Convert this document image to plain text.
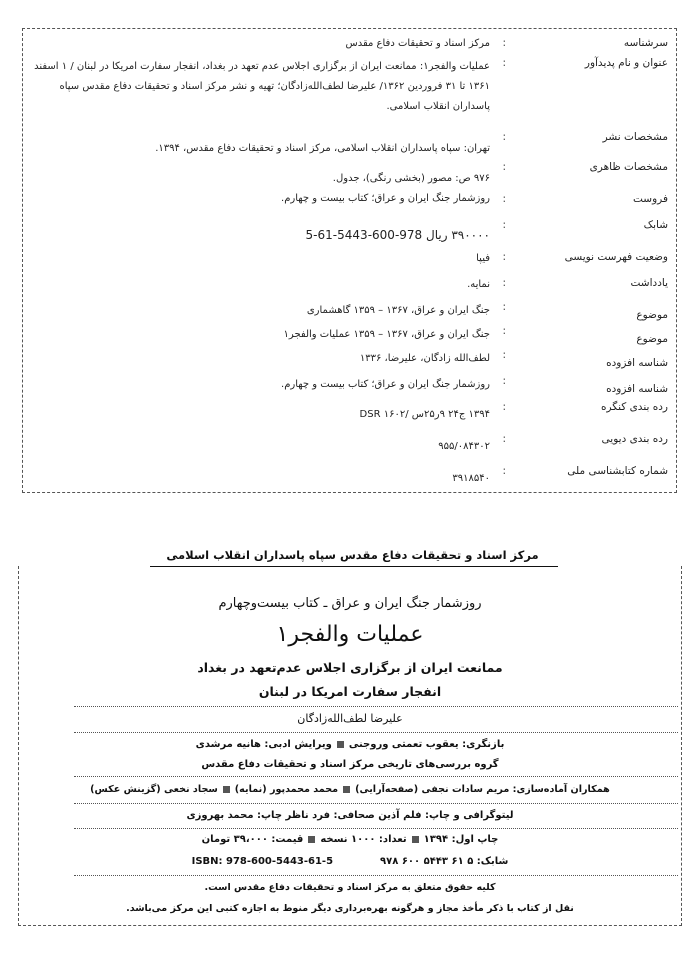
سرشناسه
:
مرکز اسناد و تحقیقات دفاع مقدس
عنوان و نام پدیدآور
:
عملیات والفجر۱: ممانعت ایران از برگزاری اجلاس عدم تعهد در بغداد، انفجار سفارت امریکا در لبنان / ۱ اسفند ۱۳۶۱ تا ۳۱ فروردین ۱۳۶۲/ علیرضا لطف‌الله‌زادگان؛ تهیه و نشر مرکز اسناد و تحقیقات دفاع مقدس سپاه پاسداران انقلاب اسلامی.
مشخصات نشر
:
تهران: سپاه پاسداران انقلاب اسلامی، مرکز اسناد و تحقیقات دفاع مقدس، ۱۳۹۴.
مشخصات ظاهری
:
۹۷۶ ص: مصور (بخشی رنگی)، جدول.
فروست
:
روزشمار جنگ ایران و عراق؛ کتاب بیست و چهارم.
شابک
:
۳۹۰۰۰۰ ریال 978-600-5443-61-5
وضعیت فهرست نویسی
:
فیپا
یادداشت
:
نمایه.
موضوع
:
جنگ ایران و عراق، ۱۳۶۷ – ۱۳۵۹ گاهشماری
موضوع
:
جنگ ایران و عراق، ۱۳۶۷ – ۱۳۵۹ عملیات والفجر۱
شناسه افزوده
:
لطف‌الله زادگان، علیرضا، ۱۳۳۶
شناسه افزوده
:
روزشمار جنگ ایران و عراق؛ کتاب بیست و چهارم.
رده بندی کنگره
:
۱۳۹۴ ج۲۴ ۹ر۲۵س /۱۶۰۲ DSR
رده بندی دیویی
:
۹۵۵/۰۸۴۳۰۲
شماره کتابشناسی ملی
:
۳۹۱۸۵۴۰
مرکز اسناد و تحقیقات دفاع مقدس سپاه پاسداران انقلاب اسلامی
روزشمار جنگ ایران و عراق ـ کتاب بیست‌وچهارم
عملیات والفجر۱
ممانعت ایران از برگزاری اجلاس عدم‌تعهد در بغداد
انفجار سفارت امریکا در لبنان
علیرضا لطف‌الله‌زادگان
بازنگری: یعقوب تعمتی وروجنیویرایش ادبی: هانیه مرشدی
گروه بررسی‌های تاریخی مرکز اسناد و تحقیقات دفاع مقدس
همکاران آماده‌سازی: مریم سادات نجفی (صفحه‌آرایی)محمد محمدپور (نمایه)سجاد نخعی (گزینش عکس)
لیتوگرافی و چاپ: فلم آذین صحافی: فرد ناظر چاپ: محمد بهروزی
چاپ اول: ۱۳۹۴تعداد: ۱۰۰۰ نسخهقیمت: ۳۹،۰۰۰ تومان
شابک: ۵ ۶۱ ۵۴۴۳ ۶۰۰ ۹۷۸  ISBN: 978-600-5443-61-5
کلیه حقوق متعلق به مرکز اسناد و تحقیقات دفاع مقدس است.
نقل از کتاب با ذکر مأخذ مجاز و هرگونه بهره‌برداری دیگر منوط به اجازه کتبی این مرکز می‌باشد.
